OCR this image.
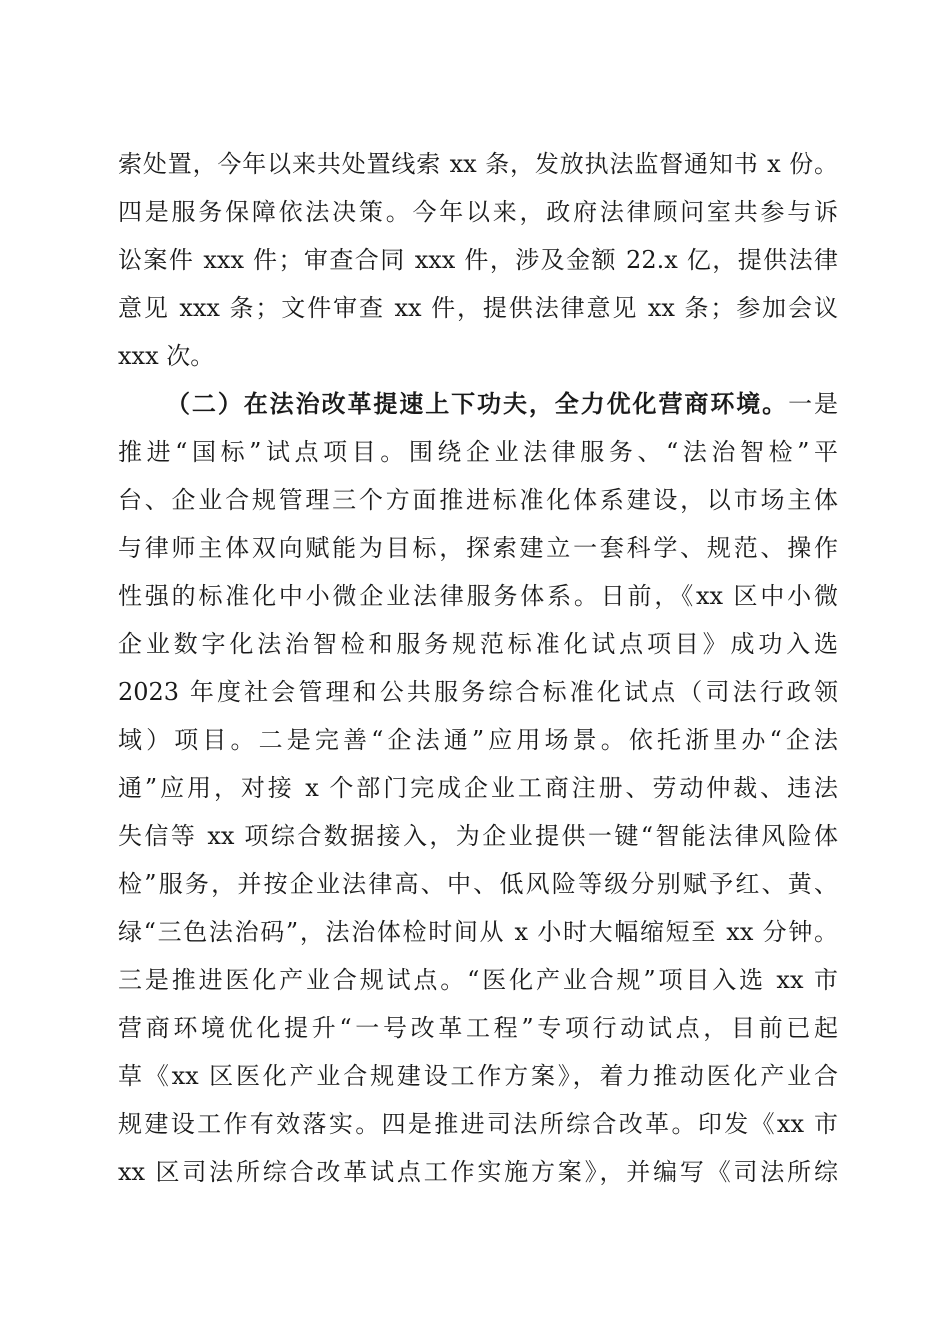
索处置，今年以来共处置线索 xx 条，发放执法监督通知书 x 份。
四是服务保障依法决策。今年以来，政府法律顾问室共参与诉
讼案件 xxx 件；审查合同 xxx 件，涉及金额 22.x 亿，提供法律
意见 xxx 条；文件审查 xx 件，提供法律意见 xx 条；参加会议
xxx 次。
（二）在法治改革提速上下功夫，全力优化营商环境。一是
推进“国标”试点项目。围绕企业法律服务、“法治智检”平
台、企业合规管理三个方面推进标准化体系建设，以市场主体
与律师主体双向赋能为目标，探索建立一套科学、规范、操作
性强的标准化中小微企业法律服务体系。日前，《xx 区中小微
企业数字化法治智检和服务规范标准化试点项目》成功入选
2023 年度社会管理和公共服务综合标准化试点（司法行政领
域）项目。二是完善“企法通”应用场景。依托浙里办“企法
通”应用，对接 x 个部门完成企业工商注册、劳动仲裁、违法
失信等 xx 项综合数据接入，为企业提供一键“智能法律风险体
检”服务，并按企业法律高、中、低风险等级分别赋予红、黄、
绿“三色法治码”，法治体检时间从 x 小时大幅缩短至 xx 分钟。
三是推进医化产业合规试点。“医化产业合规”项目入选 xx 市
营商环境优化提升“一号改革工程”专项行动试点，目前已起
草《xx 区医化产业合规建设工作方案》，着力推动医化产业合
规建设工作有效落实。四是推进司法所综合改革。印发《xx 市
xx 区司法所综合改革试点工作实施方案》，并编写《司法所综
